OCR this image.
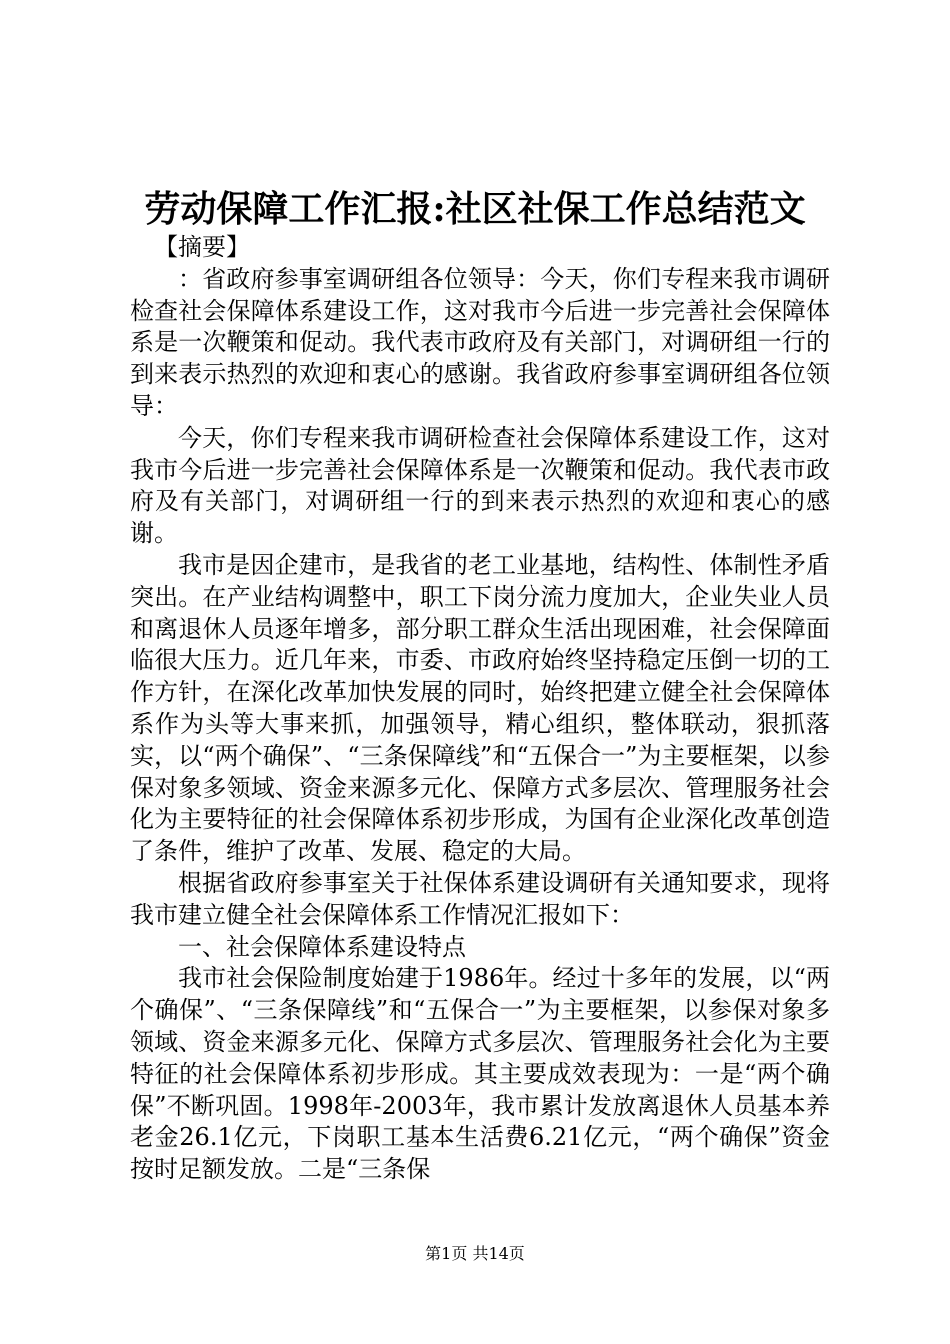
劳动保障工作汇报:社区社保工作总结范文

【摘要】

：省政府参事室调研组各位领导：今天，你们专程来我市调研检查社会保障体系建设工作，这对我市今后进一步完善社会保障体系是一次鞭策和促动。我代表市政府及有关部门，对调研组一行的到来表示热烈的欢迎和衷心的感谢。我省政府参事室调研组各位领导：

今天，你们专程来我市调研检查社会保障体系建设工作，这对我市今后进一步完善社会保障体系是一次鞭策和促动。我代表市政府及有关部门，对调研组一行的到来表示热烈的欢迎和衷心的感谢。

我市是因企建市，是我省的老工业基地，结构性、体制性矛盾突出。在产业结构调整中，职工下岗分流力度加大，企业失业人员和离退休人员逐年增多，部分职工群众生活出现困难，社会保障面临很大压力。近几年来，市委、市政府始终坚持稳定压倒一切的工作方针，在深化改革加快发展的同时，始终把建立健全社会保障体系作为头等大事来抓，加强领导，精心组织，整体联动，狠抓落实，以“两个确保”、“三条保障线”和“五保合一”为主要框架，以参保对象多领域、资金来源多元化、保障方式多层次、管理服务社会化为主要特征的社会保障体系初步形成，为国有企业深化改革创造了条件，维护了改革、发展、稳定的大局。

根据省政府参事室关于社保体系建设调研有关通知要求，现将我市建立健全社会保障体系工作情况汇报如下：

一、社会保障体系建设特点

我市社会保险制度始建于1986年。经过十多年的发展，以“两个确保”、“三条保障线”和“五保合一”为主要框架，以参保对象多领域、资金来源多元化、保障方式多层次、管理服务社会化为主要特征的社会保障体系初步形成。其主要成效表现为：一是“两个确保”不断巩固。1998年-2003年，我市累计发放离退休人员基本养老金26.1亿元，下岗职工基本生活费6.21亿元，“两个确保”资金按时足额发放。二是“三条保

第1页 共14页
